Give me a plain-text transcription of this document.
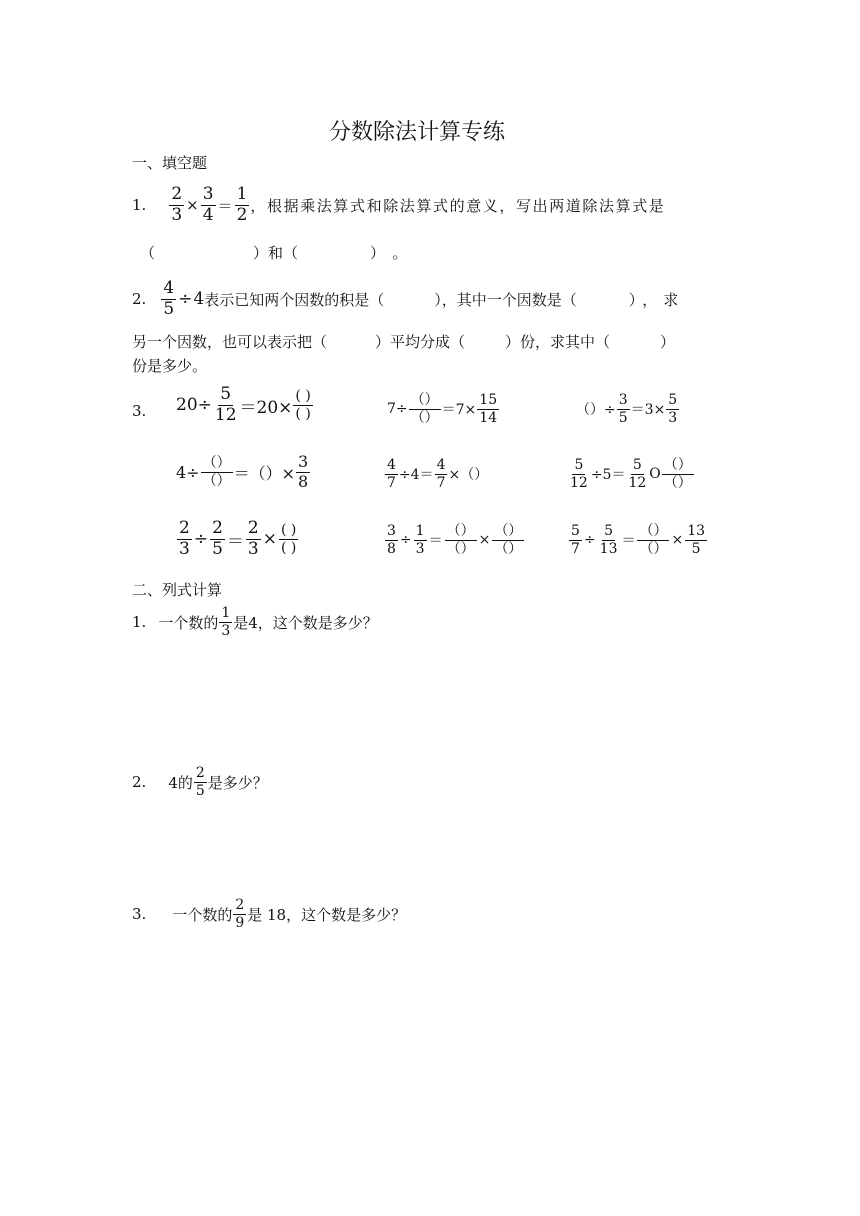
分数除法计算专练
一、填空题
1. $\frac{2}{3} \times \frac{3}{4} = \frac{1}{2}$ ，根据乘法算式和除法算式的意义，写出两道除法算式是
（	）和（	）　。
2. $\frac{4}{5} \div 4$ 表示已知两个因数的积是（	），其中一个因数是（	），求
另一个因数，也可以表示把（	）平均分成（	）份，求其中（	）
份是多少。
3. $20\div \frac{5}{12} =20\times \frac{( )}{( )}$	$7\div \frac{()}{()} =7\times \frac{15}{14}$	（）÷ $\frac{3}{5} =3\times \frac{5}{3}$
$4\div \frac{()}{()}$ ＝（）× $\frac{3}{8}$	$\frac{4}{7} \div 4= \frac{4}{7}$ ×（）	$\frac{5}{12} \div 5= \frac{5}{12}$ O $\frac{()}{()}$
$\frac{2}{3} \div \frac{2}{5} = \frac{2}{3} \times \frac{( )}{( )}$	$\frac{3}{8} \div \frac{1}{3} = \frac{()}{()} \times \frac{()}{()}$	$\frac{5}{7} \div \frac{5}{13} = \frac{()}{()} \times \frac{13}{5}$
二、列式计算
1. 一个数的 $\frac{1}{3}$ 是4，这个数是多少？
2. 4的 $\frac{2}{5}$ 是多少？
3. 一个数的 $\frac{2}{9}$ 是 18，这个数是多少？
